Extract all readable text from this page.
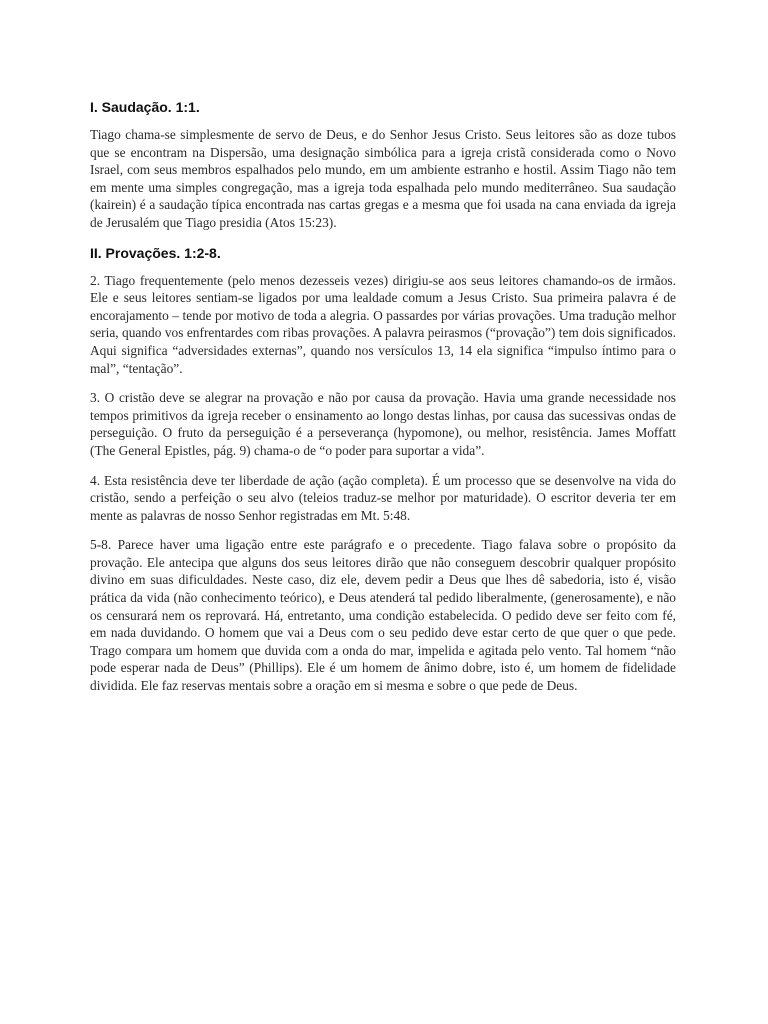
I. Saudação. 1:1.

Tiago chama-se simplesmente de servo de Deus, e do Senhor Jesus Cristo. Seus leitores são as doze tubos que se encontram na Dispersão, uma designação simbólica para a igreja cristã considerada como o Novo Israel, com seus membros espalhados pelo mundo, em um ambiente estranho e hostil. Assim Tiago não tem em mente uma simples congregação, mas a igreja toda espalhada pelo mundo mediterrâneo. Sua saudação (kairein) é a saudação típica encontrada nas cartas gregas e a mesma que foi usada na cana enviada da igreja de Jerusalém que Tiago presidia (Atos 15:23).

II. Provações. 1:2-8.

2. Tiago frequentemente (pelo menos dezesseis vezes) dirigiu-se aos seus leitores chamando-os de irmãos. Ele e seus leitores sentiam-se ligados por uma lealdade comum a Jesus Cristo. Sua primeira palavra é de encorajamento – tende por motivo de toda a alegria. O passardes por várias provações. Uma tradução melhor seria, quando vos enfrentardes com ribas provações. A palavra peirasmos (“provação”) tem dois significados. Aqui significa “adversidades externas”, quando nos versículos 13, 14 ela significa “impulso íntimo para o mal”, “tentação”.

3. O cristão deve se alegrar na provação e não por causa da provação. Havia uma grande necessidade nos tempos primitivos da igreja receber o ensinamento ao longo destas linhas, por causa das sucessivas ondas de perseguição. O fruto da perseguição é a perseverança (hypomone), ou melhor, resistência. James Moffatt (The General Epistles, pág. 9) chama-o de “o poder para suportar a vida”.

4. Esta resistência deve ter liberdade de ação (ação completa). É um processo que se desenvolve na vida do cristão, sendo a perfeição o seu alvo (teleios traduz-se melhor por maturidade). O escritor deveria ter em mente as palavras de nosso Senhor registradas em Mt. 5:48.

5-8. Parece haver uma ligação entre este parágrafo e o precedente. Tiago falava sobre o propósito da provação. Ele antecipa que alguns dos seus leitores dirão que não conseguem descobrir qualquer propósito divino em suas dificuldades. Neste caso, diz ele, devem pedir a Deus que lhes dê sabedoria, isto é, visão prática da vida (não conhecimento teórico), e Deus atenderá tal pedido liberalmente, (generosamente), e não os censurará nem os reprovará. Há, entretanto, uma condição estabelecida. O pedido deve ser feito com fé, em nada duvidando. O homem que vai a Deus com o seu pedido deve estar certo de que quer o que pede. Trago compara um homem que duvida com a onda do mar, impelida e agitada pelo vento. Tal homem “não pode esperar nada de Deus” (Phillips). Ele é um homem de ânimo dobre, isto é, um homem de fidelidade dividida. Ele faz reservas mentais sobre a oração em si mesma e sobre o que pede de Deus.
